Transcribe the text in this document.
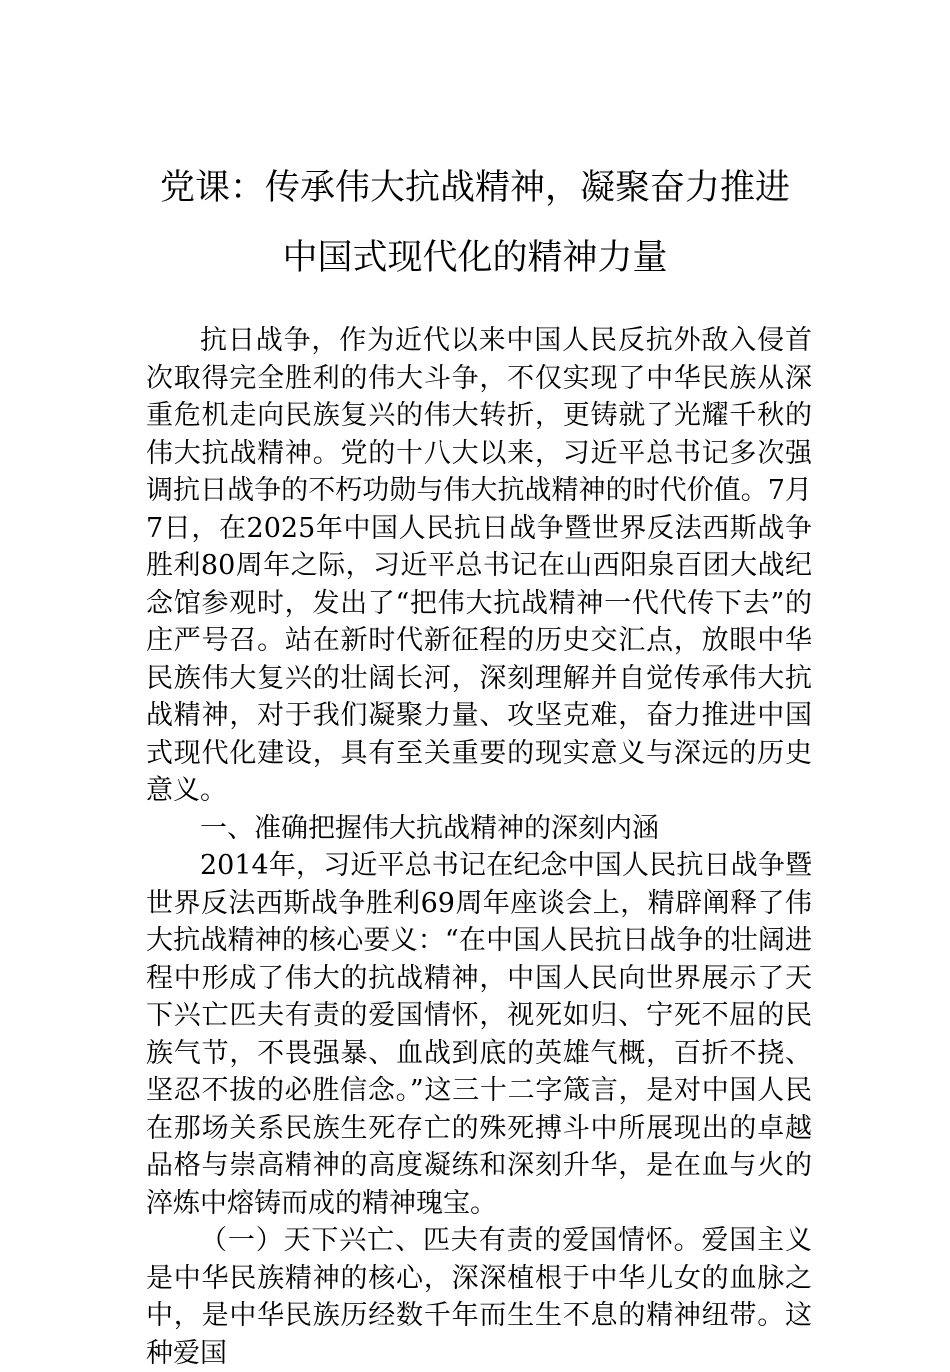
党课：传承伟大抗战精神，凝聚奋力推进
中国式现代化的精神力量

抗日战争，作为近代以来中国人民反抗外敌入侵首次取得完全胜利的伟大斗争，不仅实现了中华民族从深重危机走向民族复兴的伟大转折，更铸就了光耀千秋的伟大抗战精神。党的十八大以来，习近平总书记多次强调抗日战争的不朽功勋与伟大抗战精神的时代价值。7月7日，在2025年中国人民抗日战争暨世界反法西斯战争胜利80周年之际，习近平总书记在山西阳泉百团大战纪念馆参观时，发出了“把伟大抗战精神一代代传下去”的庄严号召。站在新时代新征程的历史交汇点，放眼中华民族伟大复兴的壮阔长河，深刻理解并自觉传承伟大抗战精神，对于我们凝聚力量、攻坚克难，奋力推进中国式现代化建设，具有至关重要的现实意义与深远的历史意义。

一、准确把握伟大抗战精神的深刻内涵

2014年，习近平总书记在纪念中国人民抗日战争暨世界反法西斯战争胜利69周年座谈会上，精辟阐释了伟大抗战精神的核心要义：“在中国人民抗日战争的壮阔进程中形成了伟大的抗战精神，中国人民向世界展示了天下兴亡匹夫有责的爱国情怀，视死如归、宁死不屈的民族气节，不畏强暴、血战到底的英雄气概，百折不挠、坚忍不拔的必胜信念。”这三十二字箴言，是对中国人民在那场关系民族生死存亡的殊死搏斗中所展现出的卓越品格与崇高精神的高度凝练和深刻升华，是在血与火的淬炼中熔铸而成的精神瑰宝。

（一）天下兴亡、匹夫有责的爱国情怀。爱国主义是中华民族精神的核心，深深植根于中华儿女的血脉之中，是中华民族历经数千年而生生不息的精神纽带。这种爱国
